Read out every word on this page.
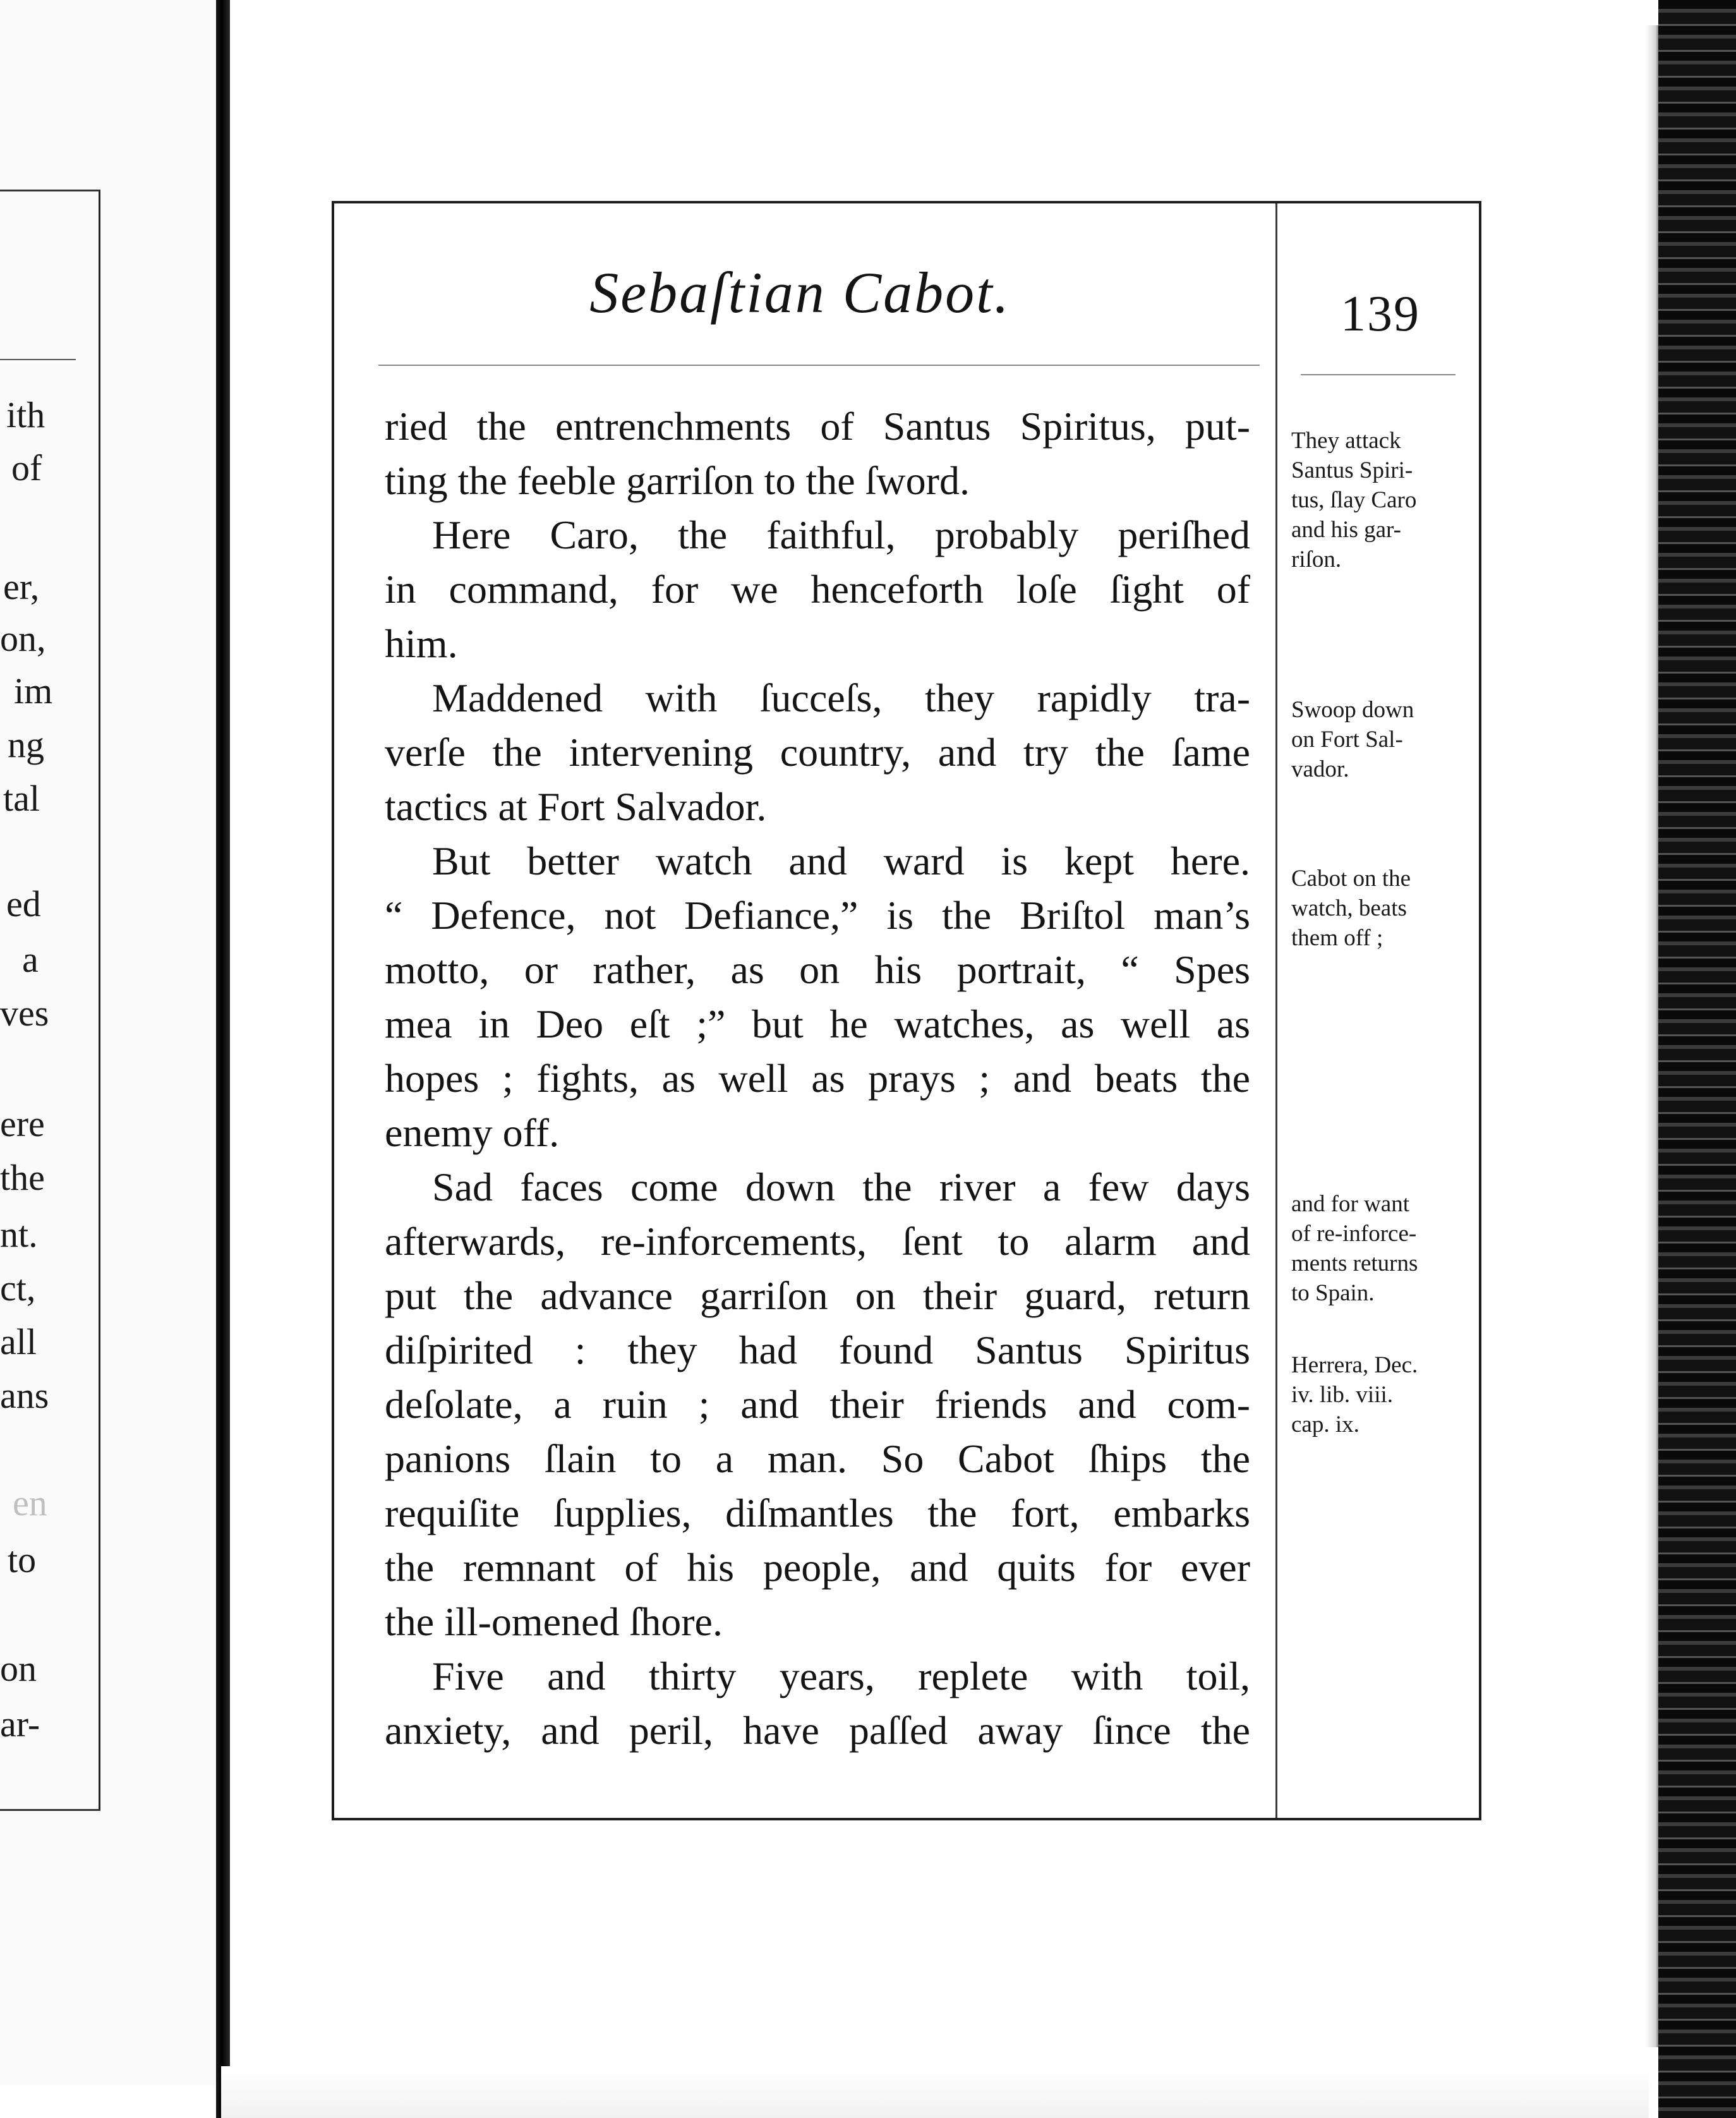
ith
of
er,
on,
im
ng
tal
ed
a
ves
ere
the
nt.
ct,
all
ans
en
to
on
ar-
Sebaſtian Cabot.	139
ried the entrenchments of Santus Spiritus, put-
ting the feeble garriſon to the ſword.
Here Caro, the faithful, probably periſhed
in command, for we henceforth loſe ſight of
him.
Maddened with ſucceſs, they rapidly tra-
verſe the intervening country, and try the ſame
tactics at Fort Salvador.
But better watch and ward is kept here.
“ Defence, not Defiance,” is the Briſtol man’s
motto, or rather, as on his portrait, “ Spes
mea in Deo eſt ;” but he watches, as well as
hopes ; fights, as well as prays ; and beats the
enemy off.
Sad faces come down the river a few days
afterwards, re-inforcements, ſent to alarm and
put the advance garriſon on their guard, return
diſpirited : they had found Santus Spiritus
deſolate, a ruin ; and their friends and com-
panions ſlain to a man. So Cabot ſhips the
requiſite ſupplies, diſmantles the fort, embarks
the remnant of his people, and quits for ever
the ill-omened ſhore.
Five and thirty years, replete with toil,
anxiety, and peril, have paſſed away ſince the
They attack
Santus Spiri-
tus, ſlay Caro
and his gar-
riſon.
Swoop down
on Fort Sal-
vador.
Cabot on the
watch, beats
them off ;
and for want
of re-inforce-
ments returns
to Spain.
Herrera, Dec.
iv. lib. viii.
cap. ix.
